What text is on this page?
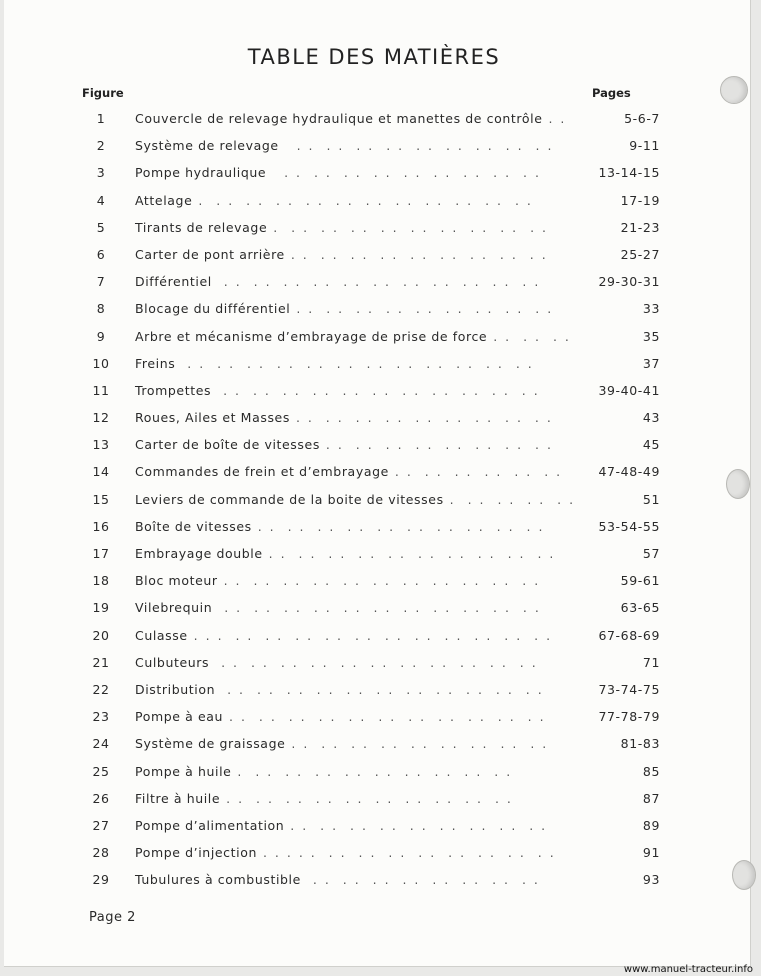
TABLE DES MATIÈRES
Figure	Pages
1	Couvercle de relevage hydraulique et manettes de contrôle . .	5-6-7
2	Système de relevage   . .  . .  . .  . .  . .  . .  . .  . .  . .	9-11
3	Pompe hydraulique   . .  . .  . .  . .  . .  . .  . .  . .  . .	13-14-15
4	Attelage .  . .  . .  . .  . .  . .  . .  . .  . .  . .  . .  . .	17-19
5	Tirants de relevage .  . .  . .  . .  . .  . .  . .  . .  . .  . .	21-23
6	Carter de pont arrière . .  . .  . .  . .  . .  . .  . .  . .  . .	25-27
7	Différentiel  . .  . .  . .  . .  . .  . .  . .  . .  . .  . .  . .	29-30-31
8	Blocage du différentiel . .  . .  . .  . .  . .  . .  . .  . .  . .	33
9	Arbre et mécanisme d’embrayage de prise de force . .  . .  . .	35
10	Freins  . .  . .  . .  . .  . .  . .  . .  . .  . .  . .  . .  . .	37
11	Trompettes  . .  . .  . .  . .  . .  . .  . .  . .  . .  . .  . .	39-40-41
12	Roues, Ailes et Masses . .  . .  . .  . .  . .  . .  . .  . .  . .	43
13	Carter de boîte de vitesses . .  . .  . .  . .  . .  . .  . .  . .	45
14	Commandes de frein et d’embrayage . .  . .  . .  . .  . .  . .	47-48-49
15	Leviers de commande de la boite de vitesses .  . .  . .  . .  . .	51
16	Boîte de vitesses . .  . .  . .  . .  . .  . .  . .  . .  . .  . .	53-54-55
17	Embrayage double . .  . .  . .  . .  . .  . .  . .  . .  . .  . .	57
18	Bloc moteur . .  . .  . .  . .  . .  . .  . .  . .  . .  . .  . .	59-61
19	Vilebrequin  . .  . .  . .  . .  . .  . .  . .  . .  . .  . .  . .	63-65
20	Culasse . . .  . .  . .  . .  . .  . .  . .  . .  . .  . .  . .  . .	67-68-69
21	Culbuteurs  . .  . .  . .  . .  . .  . .  . .  . .  . .  . .  . .	71
22	Distribution  . .  . .  . .  . .  . .  . .  . .  . .  . .  . .  . .	73-74-75
23	Pompe à eau . .  . .  . .  . .  . .  . .  . .  . .  . .  . .  . .	77-78-79
24	Système de graissage . .  . .  . .  . .  . .  . .  . .  . .  . .	81-83
25	Pompe à huile .  . .  . .  . .  . .  . .  . .  . .  . .  . .	85
26	Filtre à huile . .  . .  . .  . .  . .  . .  . .  . .  . .  . .	87
27	Pompe d’alimentation . .  . .  . .  . .  . .  . .  . .  . .  . .	89
28	Pompe d’injection . . . . .  . .  . .  . .  . .  . .  . .  . .  . .	91
29	Tubulures à combustible  . .  . .  . .  . .  . .  . .  . .  . .	93
Page 2
www.manuel-tracteur.info
